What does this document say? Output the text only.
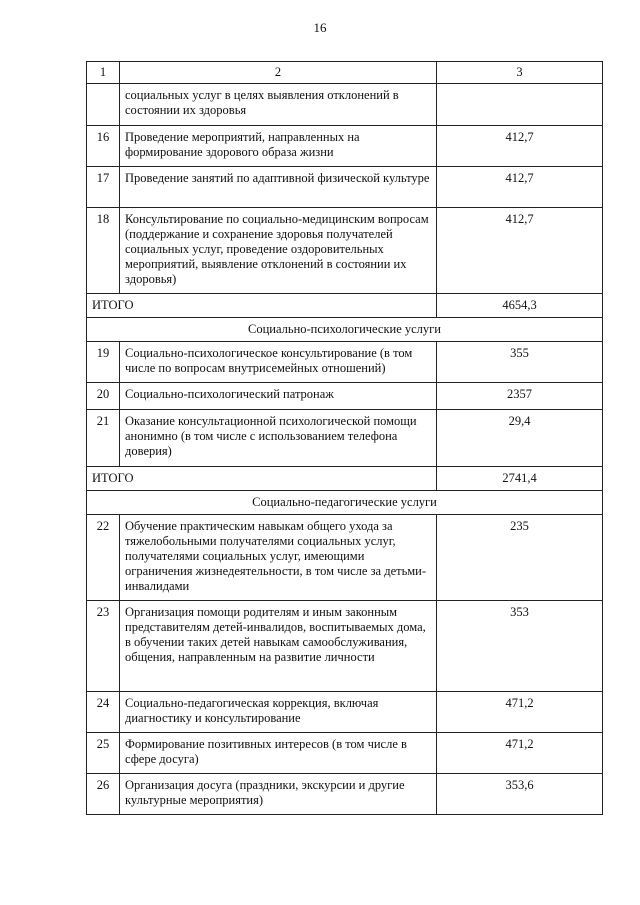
16
1	2	3
	социальных услуг в целях выявления отклонений в состоянии их здоровья	
16	Проведение мероприятий, направленных на формирование здорового образа жизни	412,7
17	Проведение занятий по адаптивной физической культуре	412,7
18	Консультирование по социально-медицинским вопросам (поддержание и сохранение здоровья получателей социальных услуг, проведение оздоровительных мероприятий, выявление отклонений в состоянии их здоровья)	412,7
ИТОГО		4654,3
Социально-психологические услуги		
19	Социально-психологическое консультирование (в том числе по вопросам внутрисемейных отношений)	355
20	Социально-психологический патронаж	2357
21	Оказание консультационной психологической помощи анонимно (в том числе с использованием телефона доверия)	29,4
ИТОГО		2741,4
Социально-педагогические услуги		
22	Обучение практическим навыкам общего ухода за тяжелобольными получателями социальных услуг, получателями социальных услуг, имеющими ограничения жизнедеятельности, в том числе за детьми-инвалидами	235
23	Организация помощи родителям и иным законным представителям детей-инвалидов, воспитываемых дома, в обучении таких детей навыкам самообслуживания, общения, направленным на развитие личности	353
24	Социально-педагогическая коррекция, включая диагностику и консультирование	471,2
25	Формирование позитивных интересов (в том числе в сфере досуга)	471,2
26	Организация досуга (праздники, экскурсии и другие культурные мероприятия)	353,6
